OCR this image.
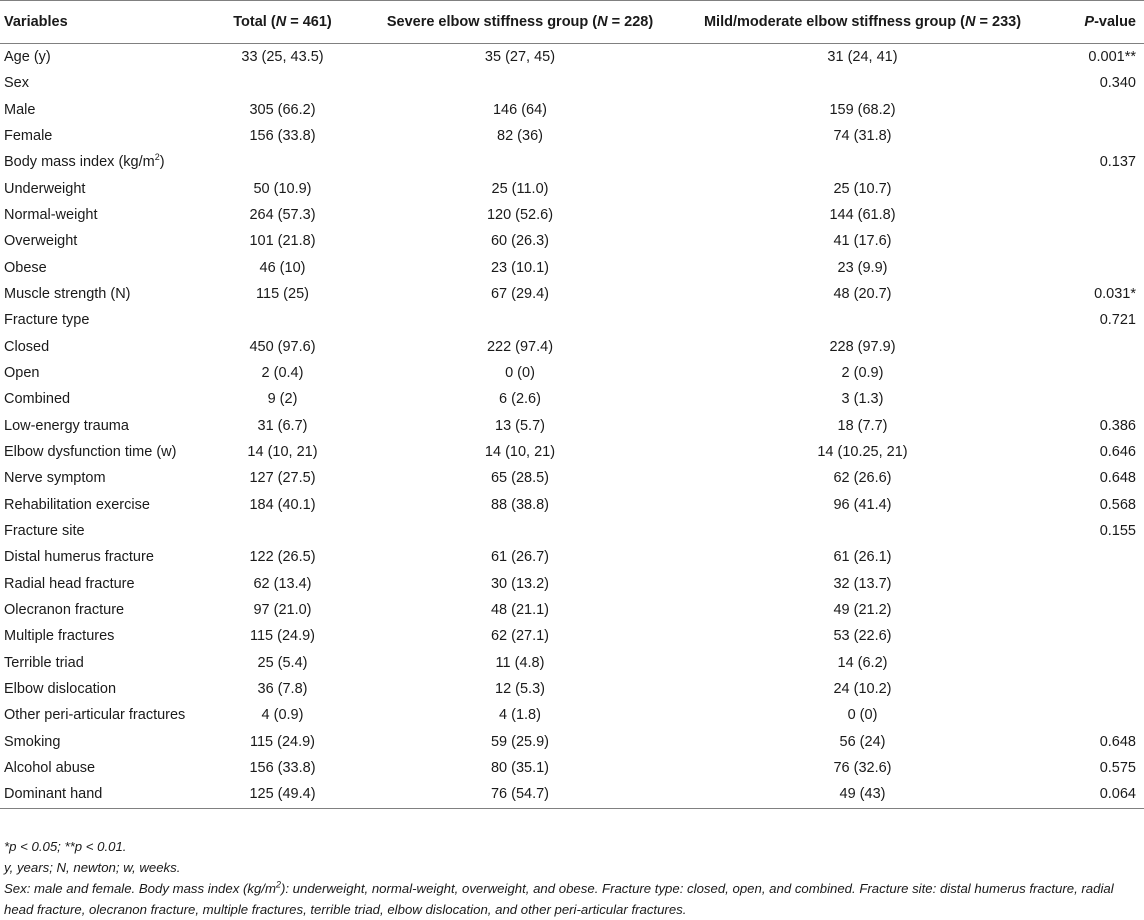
Variables	Total (N = 461)	Severe elbow stiffness group (N = 228)	Mild/moderate elbow stiffness group (N = 233)	P-value
Age (y)	33 (25, 43.5)	35 (27, 45)	31 (24, 41)	0.001**
Sex				0.340
Male	305 (66.2)	146 (64)	159 (68.2)	
Female	156 (33.8)	82 (36)	74 (31.8)	
Body mass index $(kg/m^2)$				0.137
Underweight	50 (10.9)	25 (11.0)	25 (10.7)	
Normal-weight	264 (57.3)	120 (52.6)	144 (61.8)	
Overweight	101 (21.8)	60 (26.3)	41 (17.6)	
Obese	46 (10)	23 (10.1)	23 (9.9)	
Muscle strength (N)	115 (25)	67 (29.4)	48 (20.7)	0.031*
Fracture type				0.721
Closed	450 (97.6)	222 (97.4)	228 (97.9)	
Open	2 (0.4)	0 (0)	2 (0.9)	
Combined	9 (2)	6 (2.6)	3 (1.3)	
Low-energy trauma	31 (6.7)	13 (5.7)	18 (7.7)	0.386
Elbow dysfunction time (w)	14 (10, 21)	14 (10, 21)	14 (10.25, 21)	0.646
Nerve symptom	127 (27.5)	65 (28.5)	62 (26.6)	0.648
Rehabilitation exercise	184 (40.1)	88 (38.8)	96 (41.4)	0.568
Fracture site				0.155
Distal humerus fracture	122 (26.5)	61 (26.7)	61 (26.1)	
Radial head fracture	62 (13.4)	30 (13.2)	32 (13.7)	
Olecranon fracture	97 (21.0)	48 (21.1)	49 (21.2)	
Multiple fractures	115 (24.9)	62 (27.1)	53 (22.6)	
Terrible triad	25 (5.4)	11 (4.8)	14 (6.2)	
Elbow dislocation	36 (7.8)	12 (5.3)	24 (10.2)	
Other peri-articular fractures	4 (0.9)	4 (1.8)	0 (0)	
Smoking	115 (24.9)	59 (25.9)	56 (24)	0.648
Alcohol abuse	156 (33.8)	80 (35.1)	76 (32.6)	0.575
Dominant hand	125 (49.4)	76 (54.7)	49 (43)	0.064
*p < 0.05; **p < 0.01.
y, years; N, newton; w, weeks.
Sex: male and female. Body mass index $(kg/m^2)$: underweight, normal-weight, overweight, and obese. Fracture type: closed, open, and combined. Fracture site: distal humerus fracture, radial head fracture, olecranon fracture, multiple fractures, terrible triad, elbow dislocation, and other peri-articular fractures.
